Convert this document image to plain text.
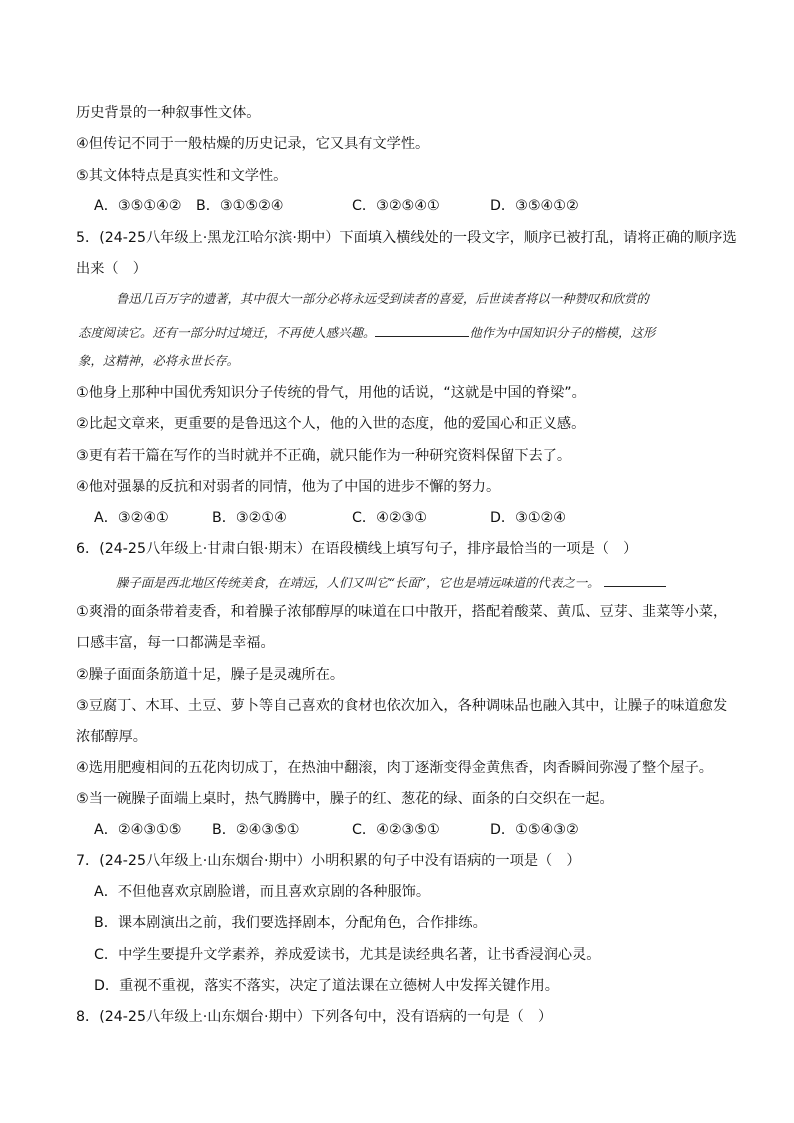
历史背景的一种叙事性文体。
④但传记不同于一般枯燥的历史记录，它又具有文学性。
⑤其文体特点是真实性和文学性。
A．③⑤①④② B．③①⑤②④	C．③②⑤④①	D．③⑤④①②
5．(24-25八年级上·黑龙江哈尔滨·期中）下面填入横线处的一段文字，顺序已被打乱，请将正确的顺序选
出来（　）
鲁迅几百万字的遗著，其中很大一部分必将永远受到读者的喜爱，后世读者将以一种赞叹和欣赏的
态度阅读它。还有一部分时过境迁，不再使人感兴趣。	他作为中国知识分子的楷模，这形
象，这精神，必将永世长存。
①他身上那种中国优秀知识分子传统的骨气，用他的话说，“这就是中国的脊梁”。
②比起文章来，更重要的是鲁迅这个人，他的入世的态度，他的爱国心和正义感。
③更有若干篇在写作的当时就并不正确，就只能作为一种研究资料保留下去了。
④他对强暴的反抗和对弱者的同情，他为了中国的进步不懈的努力。
A．③②④①	B．③②①④	C．④②③①	D．③①②④
6．(24-25八年级上·甘肃白银·期末）在语段横线上填写句子，排序最恰当的一项是（　）
臊子面是西北地区传统美食，在靖远，人们又叫它“长面”，它也是靖远味道的代表之一。
①爽滑的面条带着麦香，和着臊子浓郁醇厚的味道在口中散开，搭配着酸菜、黄瓜、豆芽、韭菜等小菜，
口感丰富，每一口都满是幸福。
②臊子面面条筋道十足，臊子是灵魂所在。
③豆腐丁、木耳、土豆、萝卜等自己喜欢的食材也依次加入，各种调味品也融入其中，让臊子的味道愈发
浓郁醇厚。
④选用肥瘦相间的五花肉切成丁，在热油中翻滚，肉丁逐渐变得金黄焦香，肉香瞬间弥漫了整个屋子。
⑤当一碗臊子面端上桌时，热气腾腾中，臊子的红、葱花的绿、面条的白交织在一起。
A．②④③①⑤ B．②④③⑤①	C．④②③⑤①	D．①⑤④③②
7．(24-25八年级上·山东烟台·期中）小明积累的句子中没有语病的一项是（　）
A．不但他喜欢京剧脸谱，而且喜欢京剧的各种服饰。
B．课本剧演出之前，我们要选择剧本，分配角色，合作排练。
C．中学生要提升文学素养，养成爱读书，尤其是读经典名著，让书香浸润心灵。
D．重视不重视，落实不落实，决定了道法课在立德树人中发挥关键作用。
8．(24-25八年级上·山东烟台·期中）下列各句中，没有语病的一句是（　）
